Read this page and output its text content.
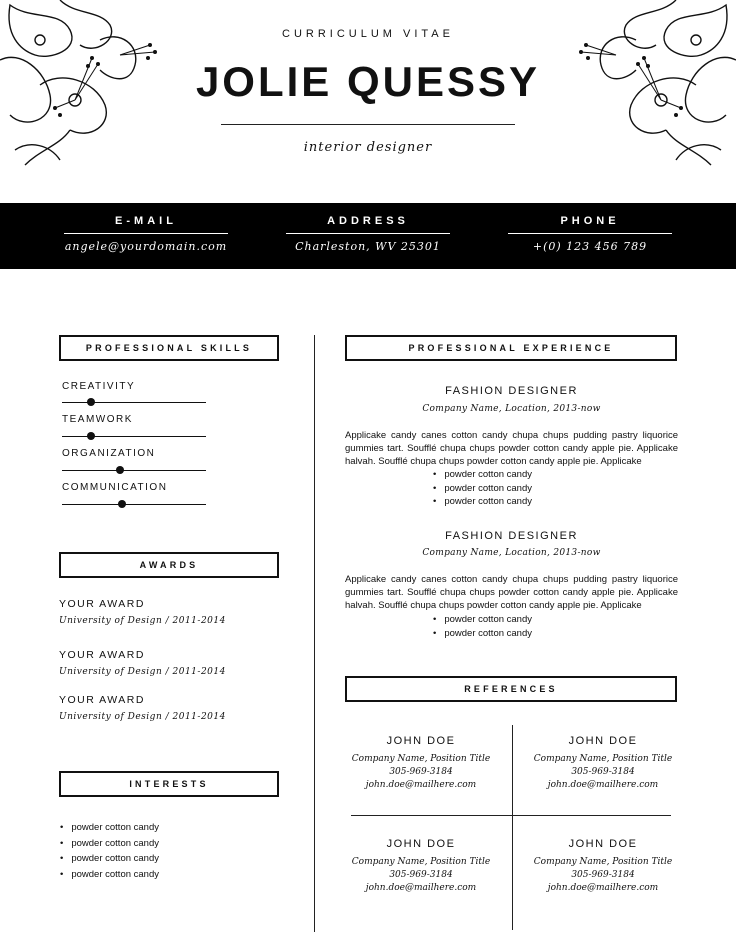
CURRICULUM VITAE
JOLIE QUESSY
interior designer
E-MAIL
angele@yourdomain.com
ADDRESS
Charleston, WV 25301
PHONE
+(0) 123 456 789
PROFESSIONAL SKILLS
CREATIVITY
TEAMWORK
ORGANIZATION
COMMUNICATION
AWARDS
YOUR AWARD
University of Design / 2011-2014
YOUR AWARD
University of Design / 2011-2014
YOUR AWARD
University of Design / 2011-2014
INTERESTS
• powder cotton candy
• powder cotton candy
• powder cotton candy
• powder cotton candy
PROFESSIONAL EXPERIENCE
FASHION DESIGNER
Company Name, Location, 2013-now
Applicake candy canes cotton candy chupa chups pudding pastry liquorice gummies tart. Soufflé chupa chups powder cotton candy apple pie. Applicake halvah. Soufflé chupa chups powder cotton candy apple pie. Applicake
• powder cotton candy
• powder cotton candy
• powder cotton candy
FASHION DESIGNER
Company Name, Location, 2013-now
Applicake candy canes cotton candy chupa chups pudding pastry liquorice gummies tart. Soufflé chupa chups powder cotton candy apple pie. Applicake halvah. Soufflé chupa chups powder cotton candy apple pie. Applicake
• powder cotton candy
• powder cotton candy
REFERENCES
JOHN DOE
Company Name, Position Title
305-969-3184
john.doe@mailhere.com
JOHN DOE
Company Name, Position Title
305-969-3184
john.doe@mailhere.com
JOHN DOE
Company Name, Position Title
305-969-3184
john.doe@mailhere.com
JOHN DOE
Company Name, Position Title
305-969-3184
john.doe@mailhere.com
